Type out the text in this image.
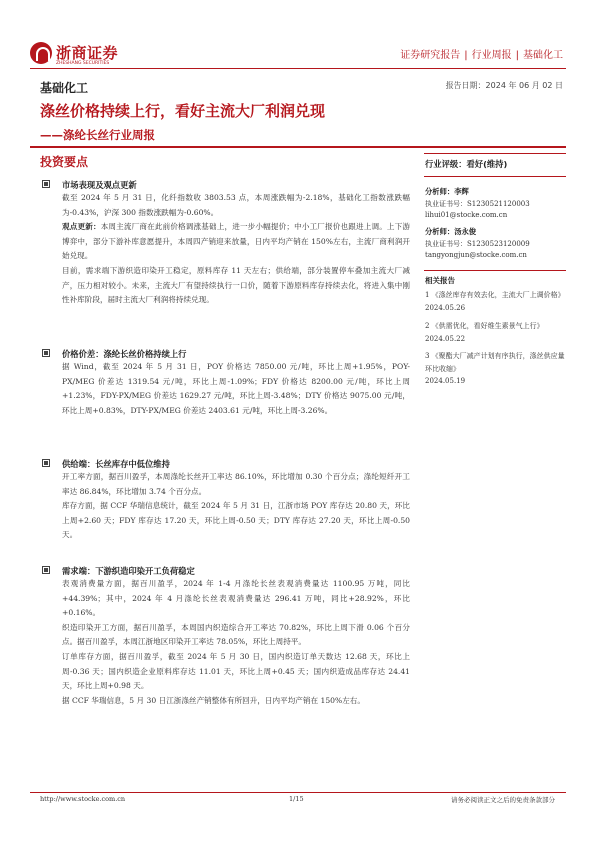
浙商证券
ZHESHANG SECURITIES
证券研究报告 | 行业周报 | 基础化工
基础化工	报告日期：2024 年 06 月 02 日
涤丝价格持续上行，看好主流大厂利润兑现
——涤纶长丝行业周报
投资要点
市场表现及观点更新
截至 2024 年 5 月 31 日，化纤指数收 3803.53 点，本周涨跌幅为-2.18%，基础化工指数涨跌幅为-0.43%，沪深 300 指数涨跌幅为-0.60%。
观点更新：本周主流厂商在此前价格调涨基础上，进一步小幅提价；中小工厂报价也跟进上调。上下游博弈中，部分下游补库意愿提升，本周四产销迎来放量，日内平均产销在 150%左右，主流厂商利润开始兑现。
目前，需求端下游织造印染开工稳定，原料库存 11 天左右；供给端，部分装置停车叠加主流大厂减产，压力相对较小。未来，主流大厂有望持续执行一口价，随着下游原料库存持续去化，将进入集中刚性补库阶段，届时主流大厂利润将持续兑现。
价格价差：涤纶长丝价格持续上行
据 Wind，截至 2024 年 5 月 31 日，POY 价格达 7850.00 元/吨，环比上周+1.95%，POY-PX/MEG 价差达 1319.54 元/吨，环比上周-1.09%；FDY 价格达 8200.00 元/吨，环比上周+1.23%，FDY-PX/MEG 价差达 1629.27 元/吨，环比上周-3.48%；DTY 价格达 9075.00 元/吨，环比上周+0.83%，DTY-PX/MEG 价差达 2403.61 元/吨，环比上周-3.26%。
供给端：长丝库存中低位维持
开工率方面，据百川盈孚，本周涤纶长丝开工率达 86.10%，环比增加 0.30 个百分点；涤纶短纤开工率达 86.84%，环比增加 3.74 个百分点。
库存方面，据 CCF 华瑞信息统计，截至 2024 年 5 月 31 日，江浙市场 POY 库存达 20.80 天，环比上周+2.60 天；FDY 库存达 17.20 天，环比上周-0.50 天；DTY 库存达 27.20 天，环比上周-0.50 天。
需求端：下游织造印染开工负荷稳定
表观消费量方面，据百川盈孚，2024 年 1-4 月涤纶长丝表观消费量达 1100.95 万吨，同比+44.39%；其中，2024 年 4 月涤纶长丝表观消费量达 296.41 万吨，同比+28.92%，环比+0.16%。
织造印染开工方面，据百川盈孚，本周国内织造综合开工率达 70.82%，环比上周下滑 0.06 个百分点。据百川盈孚，本周江浙地区印染开工率达 78.05%，环比上周持平。
订单库存方面，据百川盈孚，截至 2024 年 5 月 30 日，国内织造订单天数达 12.68 天，环比上周-0.36 天；国内织造企业原料库存达 11.01 天，环比上周+0.45 天；国内织造成品库存达 24.41 天，环比上周+0.98 天。
据 CCF 华瑞信息，5 月 30 日江浙涤丝产销整体有所回升，日内平均产销在 150%左右。
行业评级：看好(维持)
分析师：李辉
执业证书号：S1230521120003
lihui01@stocke.com.cn
分析师：汤永俊
执业证书号：S1230523120009
tangyongjun@stocke.com.cn
相关报告
1 《涤丝库存有效去化，主流大厂上调价格》 2024.05.26
2 《供需优化，看好维生素景气上行》 2024.05.22
3 《聚酯大厂减产计划有序执行，涤丝供应量环比收缩》
2024.05.19
http://www.stocke.com.cn	1/15	请务必阅读正文之后的免责条款部分
